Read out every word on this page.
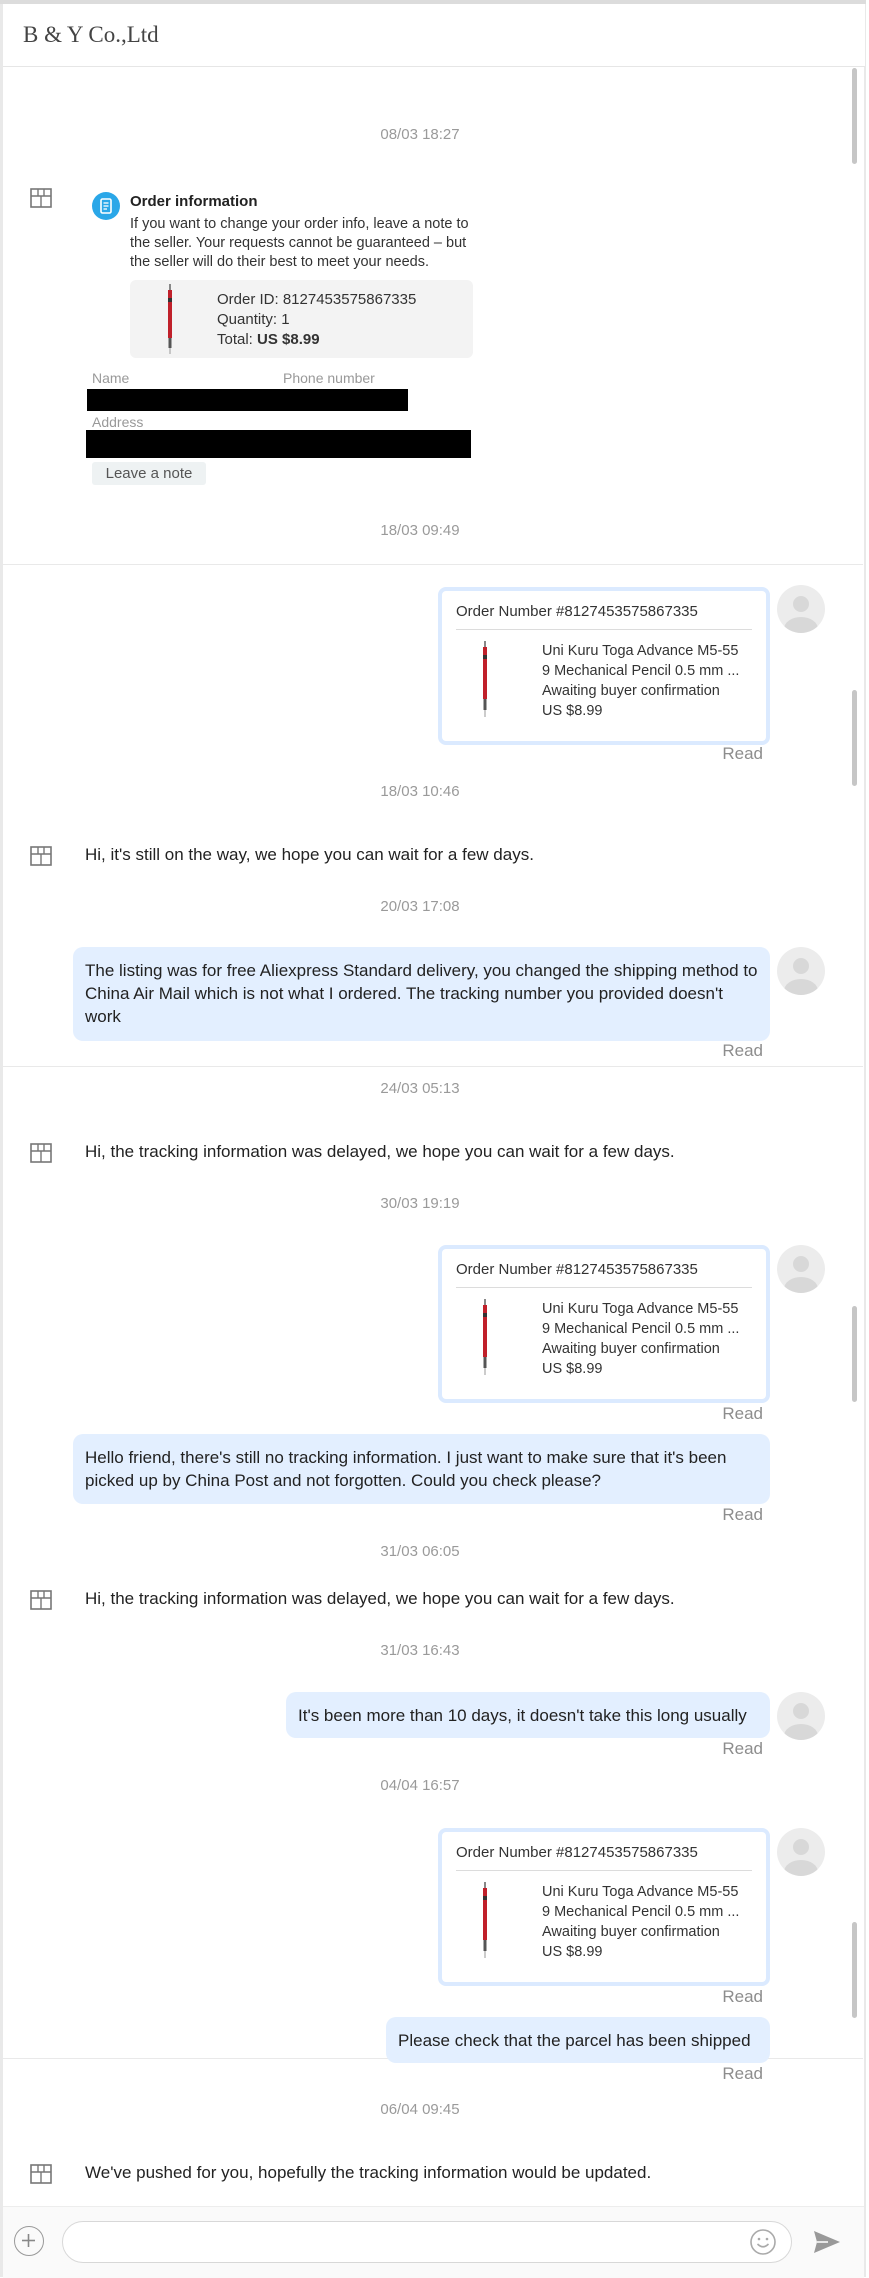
B & Y Co.,Ltd
08/03 18:27
Order information
If you want to change your order info, leave a note to the seller. Your requests cannot be guaranteed – but the seller will do their best to meet your needs.
Order ID: 8127453575867335
Quantity: 1
Total: US $8.99
Name	Phone number
Address
Leave a note
18/03 09:49
Order Number #8127453575867335
Uni Kuru Toga Advance M5-55
9 Mechanical Pencil 0.5 mm ...
Awaiting buyer confirmation
US $8.99
Read
18/03 10:46
Hi, it's still on the way, we hope you can wait for a few days.
20/03 17:08
The listing was for free Aliexpress Standard delivery, you changed the shipping method to China Air Mail which is not what I ordered. The tracking number you provided doesn't work
Read
24/03 05:13
Hi, the tracking information was delayed, we hope you can wait for a few days.
30/03 19:19
Order Number #8127453575867335
Uni Kuru Toga Advance M5-55
9 Mechanical Pencil 0.5 mm ...
Awaiting buyer confirmation
US $8.99
Read
Hello friend, there's still no tracking information. I just want to make sure that it's been picked up by China Post and not forgotten. Could you check please?
Read
31/03 06:05
Hi, the tracking information was delayed, we hope you can wait for a few days.
31/03 16:43
It's been more than 10 days, it doesn't take this long usually
Read
04/04 16:57
Order Number #8127453575867335
Uni Kuru Toga Advance M5-55
9 Mechanical Pencil 0.5 mm ...
Awaiting buyer confirmation
US $8.99
Read
Please check that the parcel has been shipped
Read
06/04 09:45
We've pushed for you, hopefully the tracking information would be updated.
